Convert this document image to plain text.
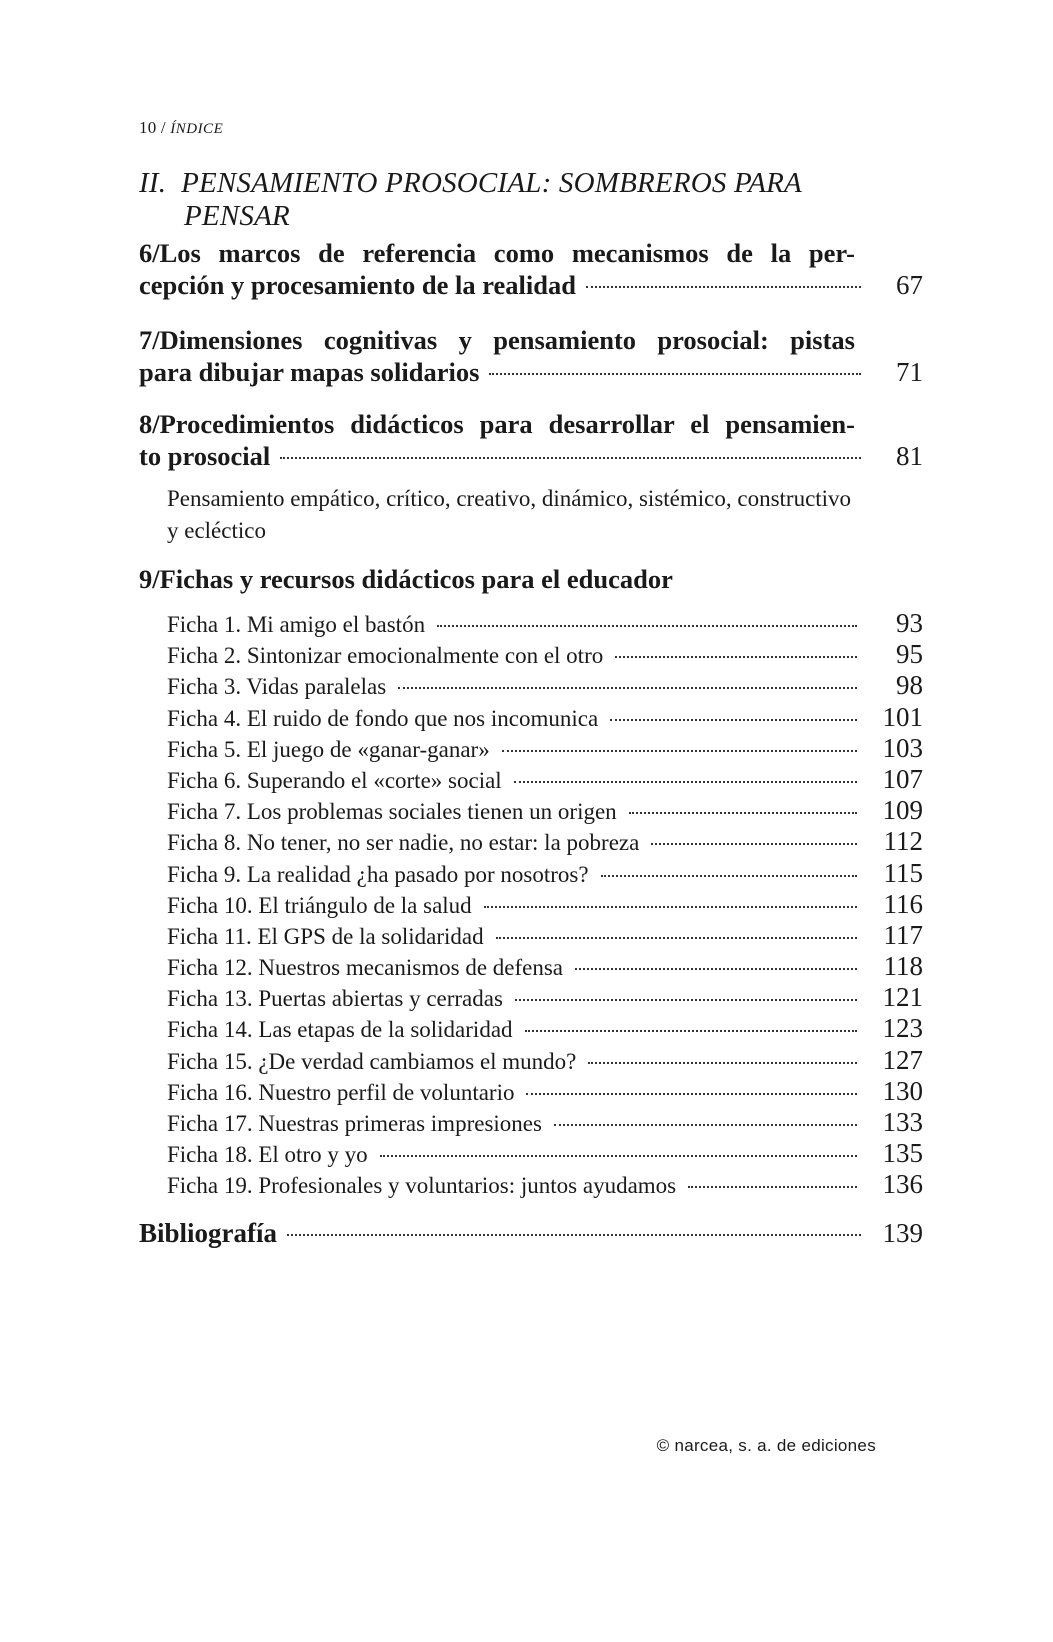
10 / ÍNDICE
II.  PENSAMIENTO PROSOCIAL: SOMBREROS PARA
PENSAR
6/Los marcos de referencia como mecanismos de la per-
cepción y procesamiento de la realidad	67
7/Dimensiones cognitivas y pensamiento prosocial: pistas
para dibujar mapas solidarios	71
8/Procedimientos didácticos para desarrollar el pensamien-
to prosocial	81
Pensamiento empático, crítico, creativo, dinámico, sistémico, constructivo y ecléctico
9/Fichas y recursos didácticos para el educador
Ficha 1. Mi amigo el bastón	93
Ficha 2. Sintonizar emocionalmente con el otro	95
Ficha 3. Vidas paralelas	98
Ficha 4. El ruido de fondo que nos incomunica	101
Ficha 5. El juego de «ganar-ganar»	103
Ficha 6. Superando el «corte» social	107
Ficha 7. Los problemas sociales tienen un origen	109
Ficha 8. No tener, no ser nadie, no estar: la pobreza	112
Ficha 9. La realidad ¿ha pasado por nosotros?	115
Ficha 10. El triángulo de la salud	116
Ficha 11. El GPS de la solidaridad	117
Ficha 12. Nuestros mecanismos de defensa	118
Ficha 13. Puertas abiertas y cerradas	121
Ficha 14. Las etapas de la solidaridad	123
Ficha 15. ¿De verdad cambiamos el mundo?	127
Ficha 16. Nuestro perfil de voluntario	130
Ficha 17. Nuestras primeras impresiones	133
Ficha 18. El otro y yo	135
Ficha 19. Profesionales y voluntarios: juntos ayudamos	136
Bibliografía	139
© narcea, s. a. de ediciones
